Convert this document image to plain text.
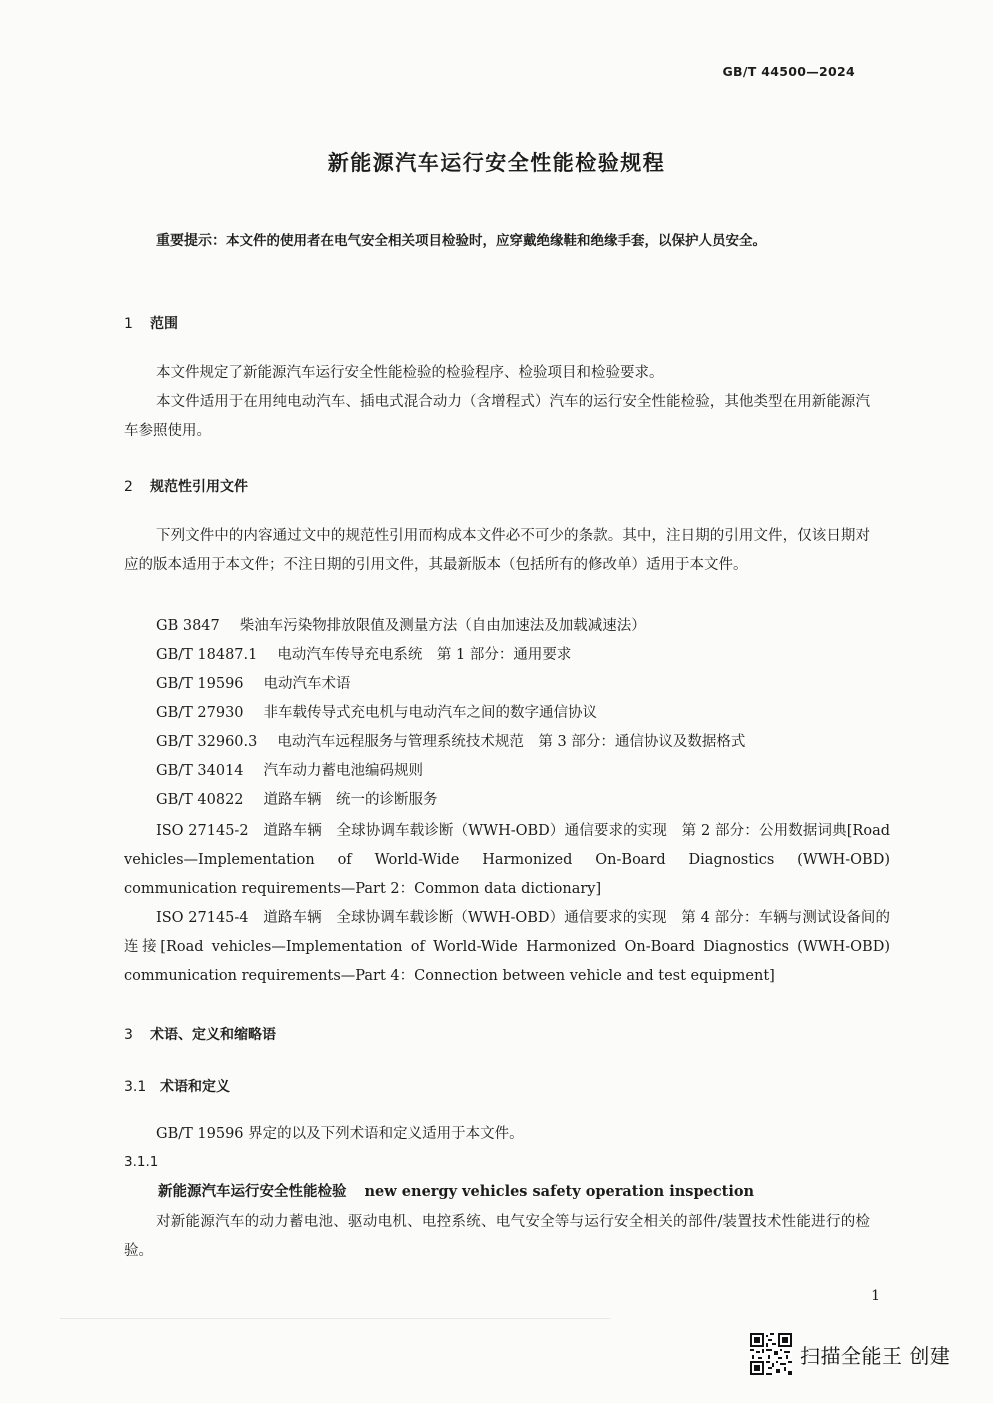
GB/T 44500—2024
新能源汽车运行安全性能检验规程
重要提示：本文件的使用者在电气安全相关项目检验时，应穿戴绝缘鞋和绝缘手套，以保护人员安全。
1 范围
本文件规定了新能源汽车运行安全性能检验的检验程序、检验项目和检验要求。
本文件适用于在用纯电动汽车、插电式混合动力（含增程式）汽车的运行安全性能检验，其他类型在用新能源汽车参照使用。
2 规范性引用文件
下列文件中的内容通过文中的规范性引用而构成本文件必不可少的条款。其中，注日期的引用文件，仅该日期对应的版本适用于本文件；不注日期的引用文件，其最新版本（包括所有的修改单）适用于本文件。
GB 3847 柴油车污染物排放限值及测量方法（自由加速法及加载减速法）
GB/T 18487.1 电动汽车传导充电系统　第 1 部分：通用要求
GB/T 19596 电动汽车术语
GB/T 27930 非车载传导式充电机与电动汽车之间的数字通信协议
GB/T 32960.3 电动汽车远程服务与管理系统技术规范　第 3 部分：通信协议及数据格式
GB/T 34014 汽车动力蓄电池编码规则
GB/T 40822 道路车辆　统一的诊断服务
ISO 27145-2　 道路车辆　全球协调车载诊断（WWH-OBD）通信要求的实现　第 2 部分：公用数据词典[Road vehicles—Implementation of World-Wide Harmonized On-Board Diagnostics (WWH-OBD) communication requirements—Part 2：Common data dictionary]
ISO 27145-4　 道路车辆　全球协调车载诊断（WWH-OBD）通信要求的实现　第 4 部分：车辆与测试设备间的连接[Road vehicles—Implementation of World-Wide Harmonized On-Board Diagnostics (WWH-OBD) communication requirements—Part 4：Connection between vehicle and test equipment]
3 术语、定义和缩略语
3.1 术语和定义
GB/T 19596 界定的以及下列术语和定义适用于本文件。
3.1.1
新能源汽车运行安全性能检验 new energy vehicles safety operation inspection
对新能源汽车的动力蓄电池、驱动电机、电控系统、电气安全等与运行安全相关的部件/装置技术性能进行的检验。
1
扫描全能王 创建
